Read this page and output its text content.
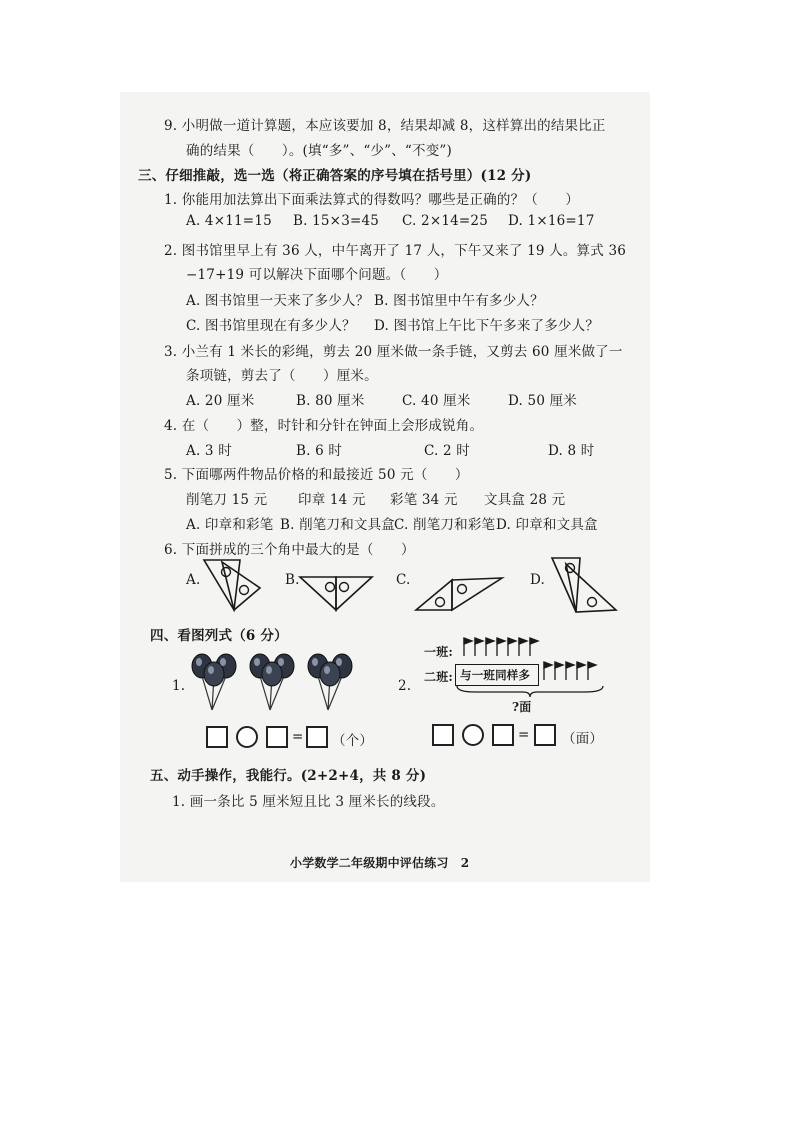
9. 小明做一道计算题，本应该要加 8，结果却减 8，这样算出的结果比正
确的结果（　　）。(填“多”、“少”、“不变”)
三、仔细推敲，选一选（将正确答案的序号填在括号里）(12 分)
1. 你能用加法算出下面乘法算式的得数吗？哪些是正确的？（　　）
A. 4×11=15 B. 15×3=45 C. 2×14=25 D. 1×16=17
2. 图书馆里早上有 36 人，中午离开了 17 人，下午又来了 19 人。算式 36
−17+19 可以解决下面哪个问题。（　　）
A. 图书馆里一天来了多少人？ B. 图书馆里中午有多少人？
C. 图书馆里现在有多少人？ D. 图书馆上午比下午多来了多少人？
3. 小兰有 1 米长的彩绳，剪去 20 厘米做一条手链，又剪去 60 厘米做了一
条项链，剪去了（　　）厘米。
A. 20 厘米	B. 80 厘米	C. 40 厘米	D. 50 厘米
4. 在（　　）整，时针和分针在钟面上会形成锐角。
A. 3 时	B. 6 时	C. 2 时	D. 8 时
5. 下面哪两件物品价格的和最接近 50 元（　　）
削笔刀 15 元 印章 14 元 彩笔 34 元 文具盒 28 元
A. 印章和彩笔 B. 削笔刀和文具盒
C. 削笔刀和彩笔 D. 印章和文具盒
6. 下面拼成的三个角中最大的是（　　）
A.	B.	C.	D.
四、看图列式（6 分）
1.
= （个）
2.
一班:
二班: 与一班同样多
?面
= （面）
五、动手操作，我能行。(2+2+4，共 8 分)
1. 画一条比 5 厘米短且比 3 厘米长的线段。
小学数学二年级期中评估练习　2
